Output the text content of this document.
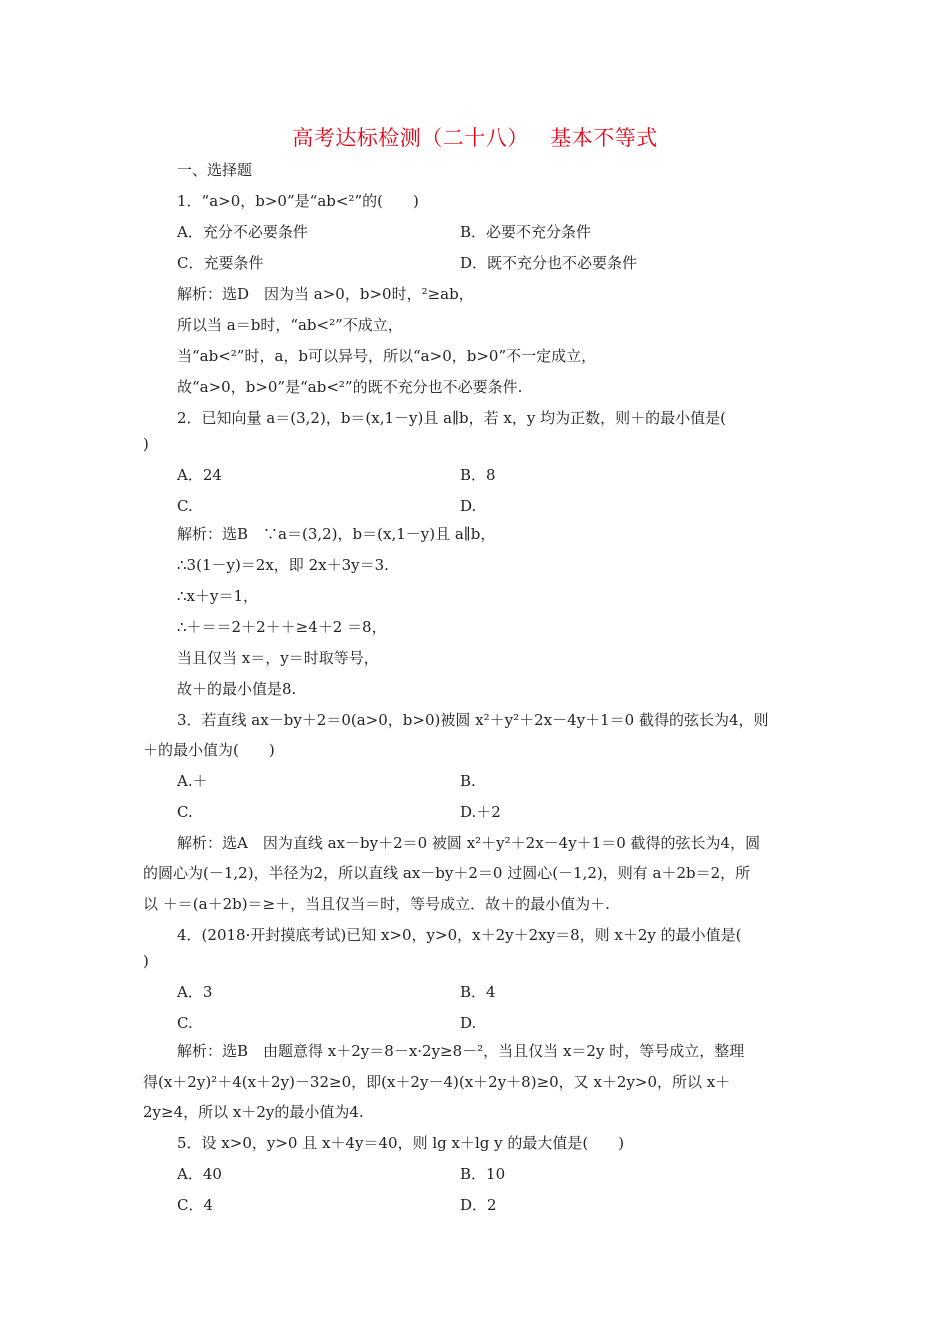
高考达标检测（二十八）   基本不等式
一、选择题
1．“a>0，b>0”是“ab<²”的(　　)
A．充分不必要条件	B．必要不充分条件
C．充要条件	D．既不充分也不必要条件
解析：选D　因为当 a>0，b>0时，²≥ab，
所以当 a＝b时，“ab<²”不成立，
当“ab<²”时，a，b可以异号，所以“a>0，b>0”不一定成立，
故“a>0，b>0”是“ab<²”的既不充分也不必要条件.
2．已知向量 a＝(3,2)，b＝(x,1－y)且 a∥b，若 x，y 均为正数，则＋的最小值是(
)
A．24	B．8
C.	D.
解析：选B　∵a＝(3,2)，b＝(x,1－y)且 a∥b，
∴3(1－y)＝2x，即 2x＋3y＝3.
∴x＋y＝1，
∴＋＝＝2＋2＋＋≥4＋2 ＝8，
当且仅当 x＝，y＝时取等号，
故＋的最小值是8.
3．若直线 ax－by＋2＝0(a>0，b>0)被圆 x²＋y²＋2x－4y＋1＝0 截得的弦长为4，则
＋的最小值为(　　)
A.＋	B.
C.	D.＋2
解析：选A　因为直线 ax－by＋2＝0 被圆 x²＋y²＋2x－4y＋1＝0 截得的弦长为4，圆
的圆心为(－1,2)，半径为2，所以直线 ax－by＋2＝0 过圆心(－1,2)，则有 a＋2b＝2，所
以 ＋＝(a＋2b)＝≥＋，当且仅当＝时，等号成立．故＋的最小值为＋.
4．(2018·开封摸底考试)已知 x>0，y>0，x＋2y＋2xy＝8，则 x＋2y 的最小值是(
)
A．3	B．4
C.	D.
解析：选B　由题意得 x＋2y＝8－x·2y≥8－²，当且仅当 x＝2y 时，等号成立，整理
得(x＋2y)²＋4(x＋2y)－32≥0，即(x＋2y－4)(x＋2y＋8)≥0，又 x＋2y>0，所以 x＋
2y≥4，所以 x＋2y的最小值为4.
5．设 x>0，y>0 且 x＋4y＝40，则 lg x＋lg y 的最大值是(　　)
A．40	B．10
C．4	D．2
